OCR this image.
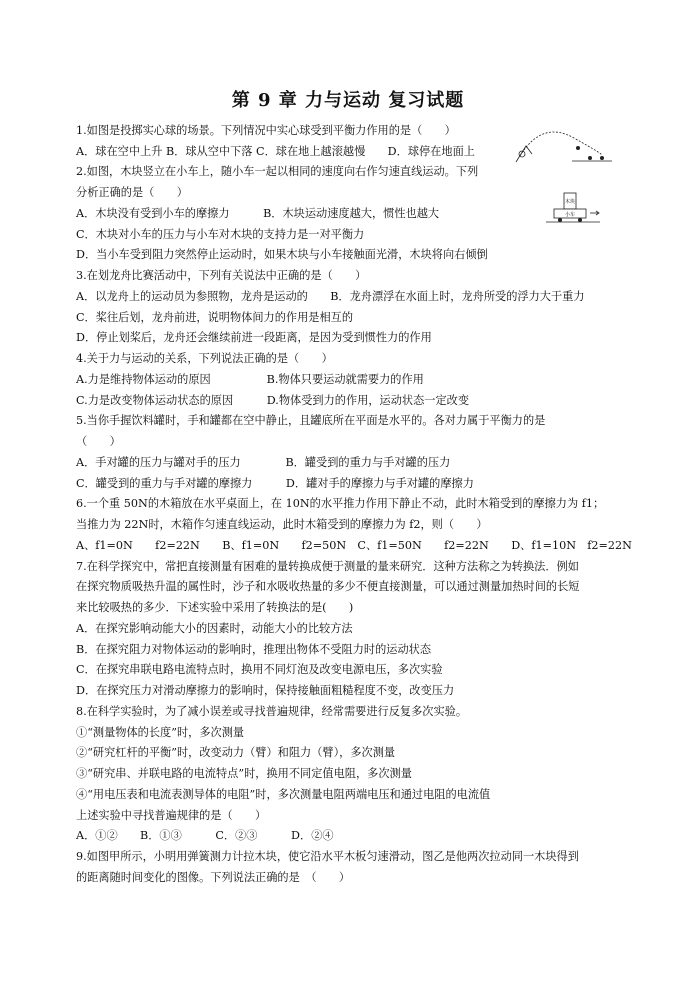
第 9 章 力与运动 复习试题
木块
小车
1.如图是投掷实心球的场景。下列情况中实心球受到平衡力作用的是（　　）
A．球在空中上升 B．球从空中下落 C．球在地上越滚越慢　　D．球停在地面上
2.如图，木块竖立在小车上，随小车一起以相同的速度向右作匀速直线运动。下列
分析正确的是（　　）
A．木块没有受到小车的摩擦力　　　B．木块运动速度越大，惯性也越大
C．木块对小车的压力与小车对木块的支持力是一对平衡力
D．当小车受到阻力突然停止运动时，如果木块与小车接触面光滑，木块将向右倾倒
3.在划龙舟比赛活动中，下列有关说法中正确的是（　　）
A．以龙舟上的运动员为参照物，龙舟是运动的　　B．龙舟漂浮在水面上时，龙舟所受的浮力大于重力
C．桨往后划，龙舟前进，说明物体间力的作用是相互的
D．停止划桨后，龙舟还会继续前进一段距离，是因为受到惯性力的作用
4.关于力与运动的关系，下列说法正确的是（　　）
A.力是维持物体运动的原因　　　　　B.物体只要运动就需要力的作用
C.力是改变物体运动状态的原因　　　D.物体受到力的作用，运动状态一定改变
5.当你手握饮料罐时，手和罐都在空中静止，且罐底所在平面是水平的。各对力属于平衡力的是
（　　）
A．手对罐的压力与罐对手的压力　　　　B．罐受到的重力与手对罐的压力
C．罐受到的重力与手对罐的摩擦力　　　D．罐对手的摩擦力与手对罐的摩擦力
6.一个重 50N的木箱放在水平桌面上，在 10N的水平推力作用下静止不动，此时木箱受到的摩擦力为 f1；
当推力为 22N时，木箱作匀速直线运动，此时木箱受到的摩擦力为 f2，则（　　）
A、f1=0N　　f2=22N　　B、f1=0N　　f2=50N　C、f1=50N　　f2=22N　　D、f1=10N　f2=22N
7.在科学探究中，常把直接测量有困难的量转换成便于测量的量来研究．这种方法称之为转换法．例如
在探究物质吸热升温的属性时，沙子和水吸收热量的多少不便直接测量，可以通过测量加热时间的长短
来比较吸热的多少．下述实验中采用了转换法的是(　　)
A．在探究影响动能大小的因素时，动能大小的比较方法
B．在探究阻力对物体运动的影响时，推理出物体不受阻力时的运动状态
C．在探究串联电路电流特点时，换用不同灯泡及改变电源电压，多次实验
D．在探究压力对滑动摩擦力的影响时，保持接触面粗糙程度不变，改变压力
8.在科学实验时，为了减小误差或寻找普遍规律，经常需要进行反复多次实验。
①“测量物体的长度”时，多次测量
②“研究杠杆的平衡”时，改变动力（臂）和阻力（臂），多次测量
③“研究串、并联电路的电流特点”时，换用不同定值电阻，多次测量
④“用电压表和电流表测导体的电阻”时，多次测量电阻两端电压和通过电阻的电流值
上述实验中寻找普遍规律的是（　　）
A．①②　　B．①③　　　C．②③　　　D．②④
9.如图甲所示，小明用弹簧测力计拉木块，使它沿水平木板匀速滑动，图乙是他两次拉动同一木块得到
的距离随时间变化的图像。下列说法正确的是　（　　）
